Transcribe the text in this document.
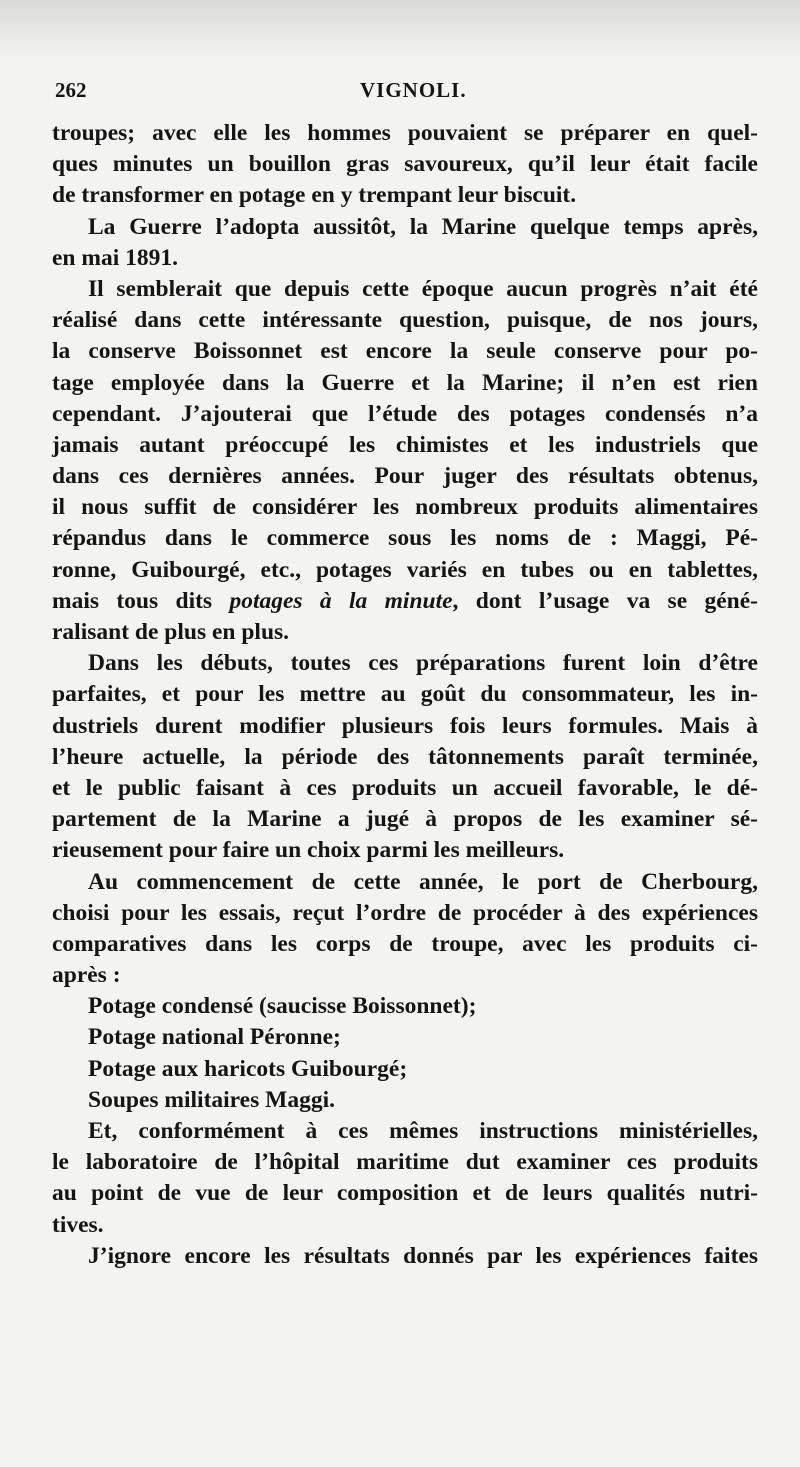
262	VIGNOLI.
troupes; avec elle les hommes pouvaient se préparer en quel-
ques minutes un bouillon gras savoureux, qu’il leur était facile
de transformer en potage en y trempant leur biscuit.
La Guerre l’adopta aussitôt, la Marine quelque temps après,
en mai 1891.
Il semblerait que depuis cette époque aucun progrès n’ait été
réalisé dans cette intéressante question, puisque, de nos jours,
la conserve Boissonnet est encore la seule conserve pour po-
tage employée dans la Guerre et la Marine; il n’en est rien
cependant. J’ajouterai que l’étude des potages condensés n’a
jamais autant préoccupé les chimistes et les industriels que
dans ces dernières années. Pour juger des résultats obtenus,
il nous suffit de considérer les nombreux produits alimentaires
répandus dans le commerce sous les noms de : Maggi, Pé-
ronne, Guibourgé, etc., potages variés en tubes ou en tablettes,
mais tous dits potages à la minute, dont l’usage va se géné-
ralisant de plus en plus.
Dans les débuts, toutes ces préparations furent loin d’être
parfaites, et pour les mettre au goût du consommateur, les in-
dustriels durent modifier plusieurs fois leurs formules. Mais à
l’heure actuelle, la période des tâtonnements paraît terminée,
et le public faisant à ces produits un accueil favorable, le dé-
partement de la Marine a jugé à propos de les examiner sé-
rieusement pour faire un choix parmi les meilleurs.
Au commencement de cette année, le port de Cherbourg,
choisi pour les essais, reçut l’ordre de procéder à des expériences
comparatives dans les corps de troupe, avec les produits ci-
après :
Potage condensé (saucisse Boissonnet);
Potage national Péronne;
Potage aux haricots Guibourgé;
Soupes militaires Maggi.
Et, conformément à ces mêmes instructions ministérielles,
le laboratoire de l’hôpital maritime dut examiner ces produits
au point de vue de leur composition et de leurs qualités nutri-
tives.
J’ignore encore les résultats donnés par les expériences faites
